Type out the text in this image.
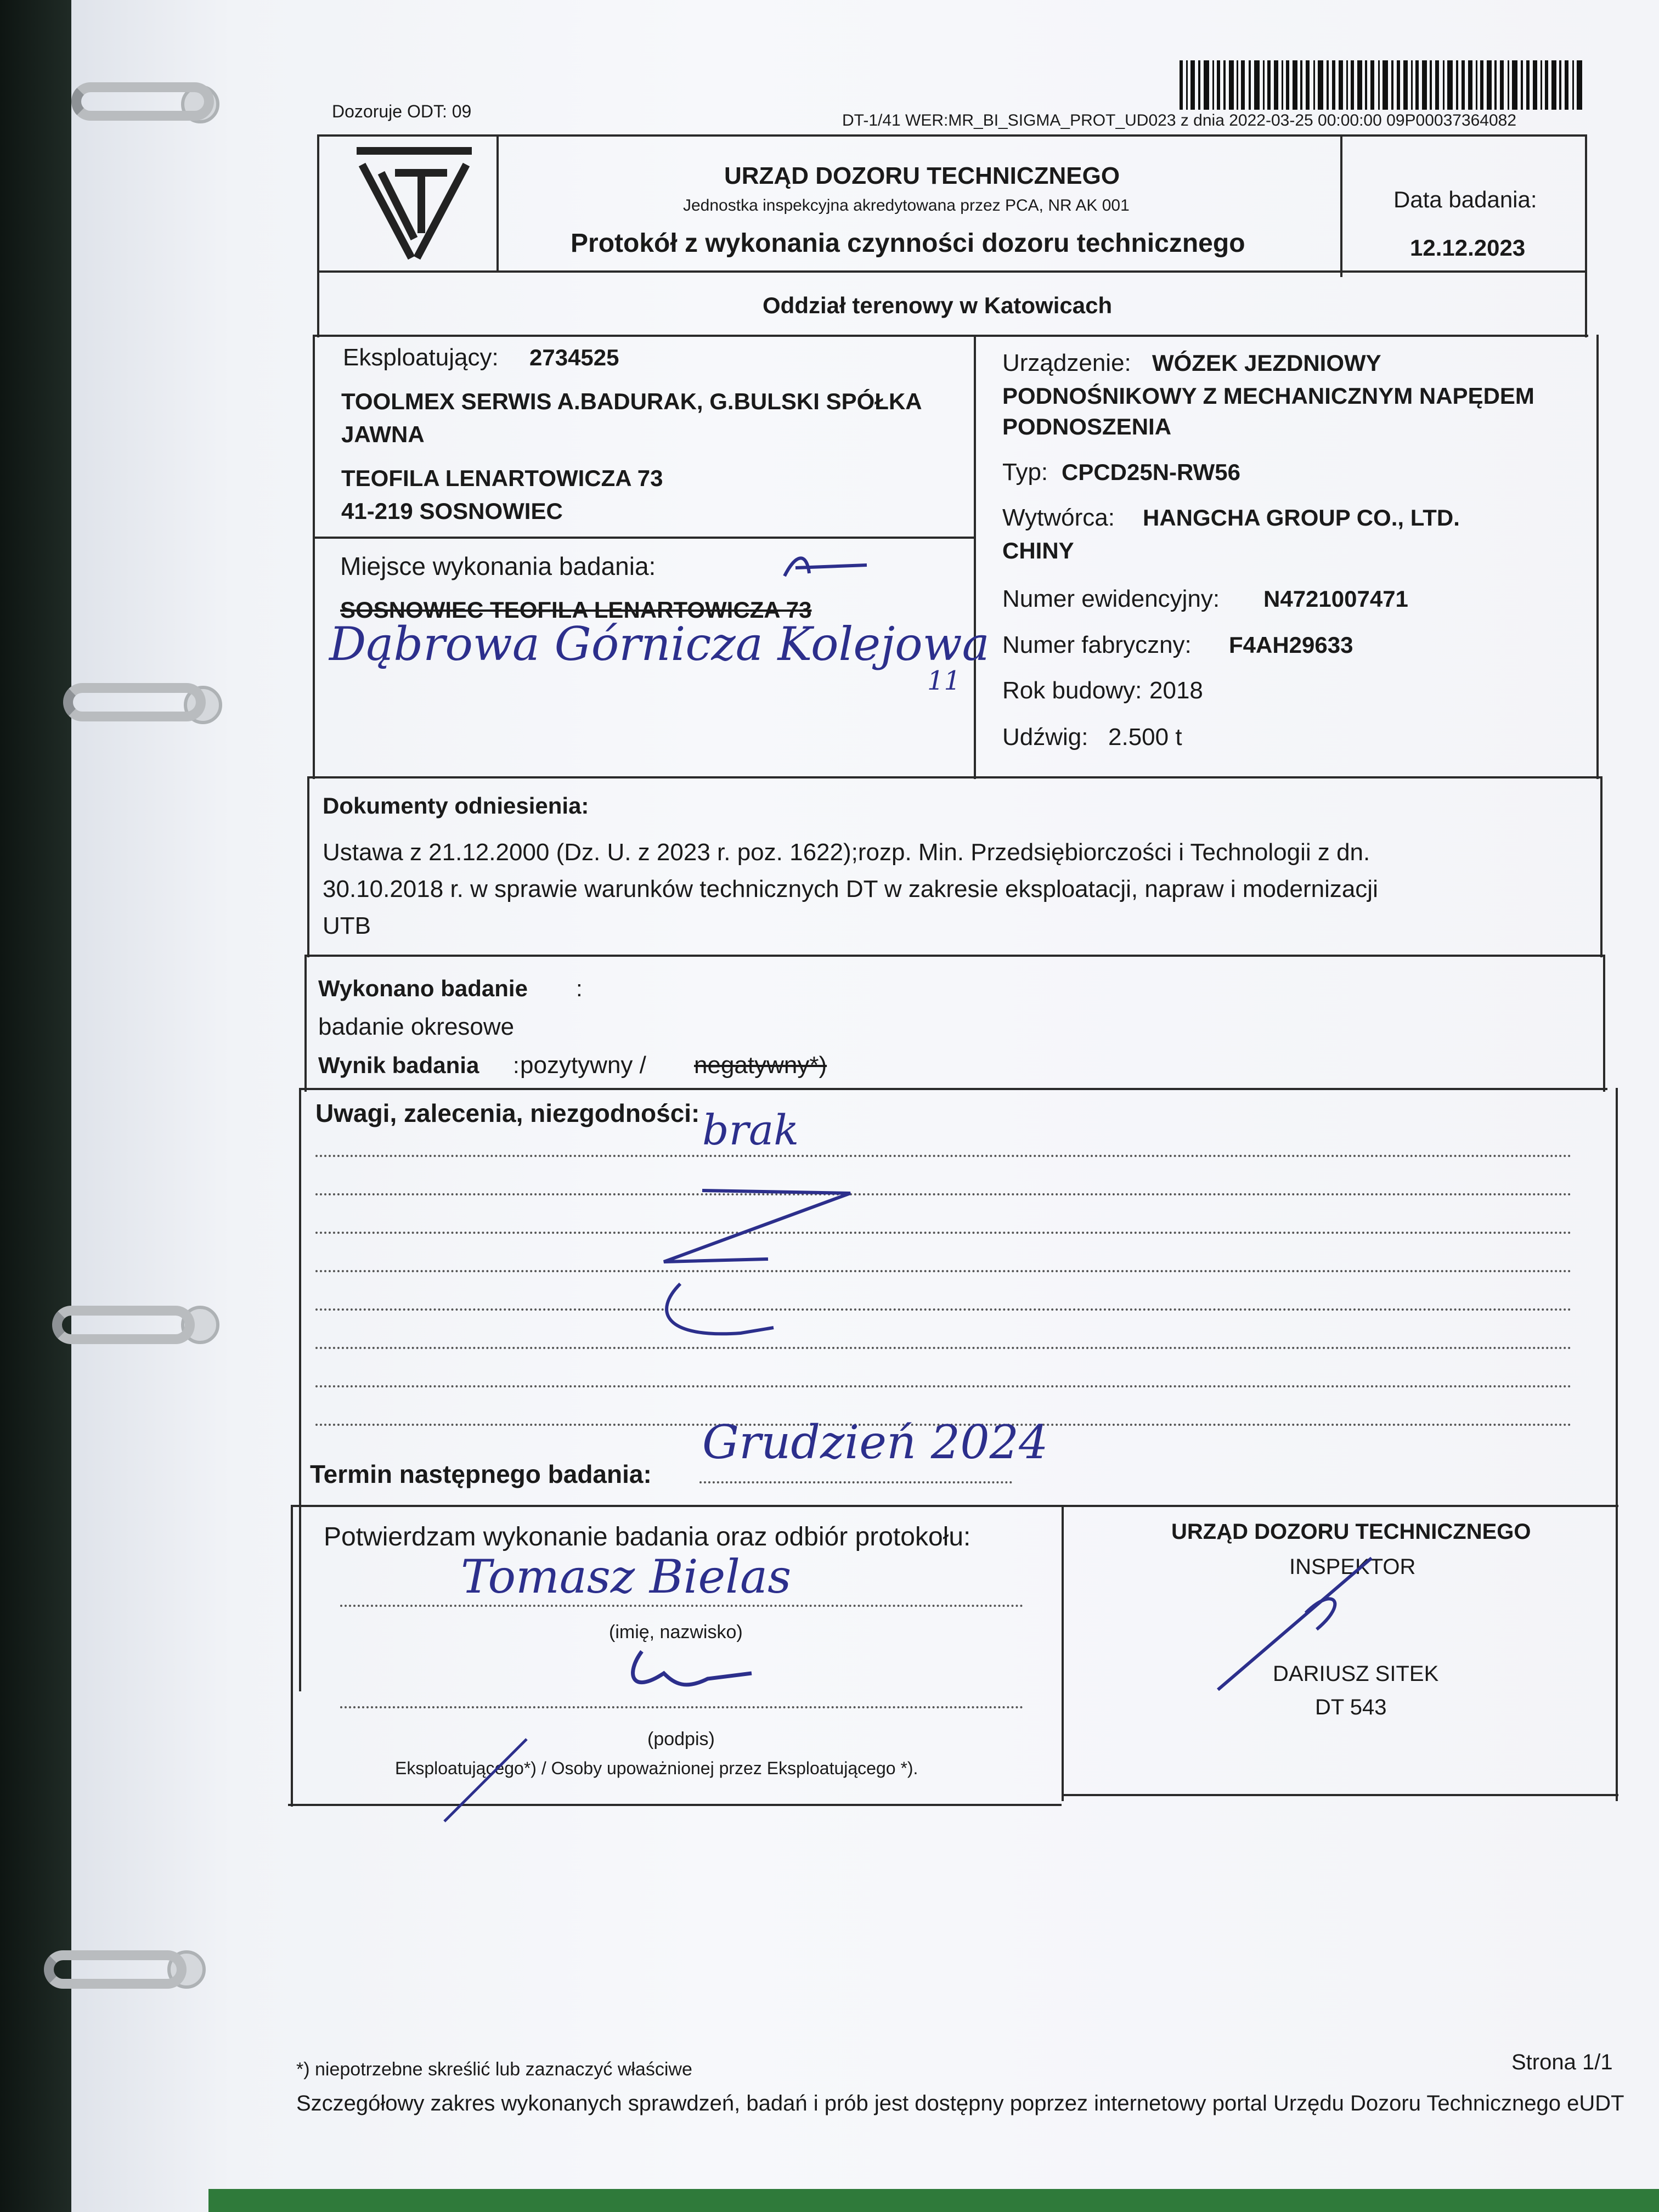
Dozoruje ODT: 09	DT-1/41 WER:MR_BI_SIGMA_PROT_UD023 z dnia 2022-03-25 00:00:00 09P00037364082
URZĄD DOZORU TECHNICZNEGO
Jednostka inspekcyjna akredytowana przez PCA, NR AK 001
Protokół z wykonania czynności dozoru technicznego
Data badania:
12.12.2023
Oddział terenowy w Katowicach
Eksploatujący: 2734525
TOOLMEX SERWIS A.BADURAK, G.BULSKI SPÓŁKA
JAWNA
TEOFILA LENARTOWICZA 73
41-219 SOSNOWIEC
Miejsce wykonania badania:
SOSNOWIEC TEOFILA LENARTOWICZA 73
Dąbrowa Górnicza Kolejowa
11
Urządzenie: WÓZEK JEZDNIOWY
PODNOŚNIKOWY Z MECHANICZNYM NAPĘDEM
PODNOSZENIA
Typ: CPCD25N-RW56
Wytwórca: HANGCHA GROUP CO., LTD.
CHINY
Numer ewidencyjny: N4721007471
Numer fabryczny: F4AH29633
Rok budowy: 2018
Udźwig: 2.500 t
Dokumenty odniesienia:
Ustawa z 21.12.2000 (Dz. U. z 2023 r. poz. 1622);rozp. Min. Przedsiębiorczości i Technologii z dn.
30.10.2018 r. w sprawie warunków technicznych DT w zakresie eksploatacji, napraw i modernizacji
UTB
Wykonano badanie :
badanie okresowe
Wynik badania : pozytywny / negatywny*)
Uwagi, zalecenia, niezgodności: brak
Termin następnego badania:
Grudzień 2024
Potwierdzam wykonanie badania oraz odbiór protokołu:
Tomasz Bielas
(imię, nazwisko)
(podpis)
Eksploatującego*) / Osoby upoważnionej przez Eksploatującego *).
URZĄD DOZORU TECHNICZNEGO
INSPEKTOR
DARIUSZ SITEK
DT 543
*) niepotrzebne skreślić lub zaznaczyć właściwe	Strona 1/1
Szczegółowy zakres wykonanych sprawdzeń, badań i prób jest dostępny poprzez internetowy portal Urzędu Dozoru Technicznego eUDT
